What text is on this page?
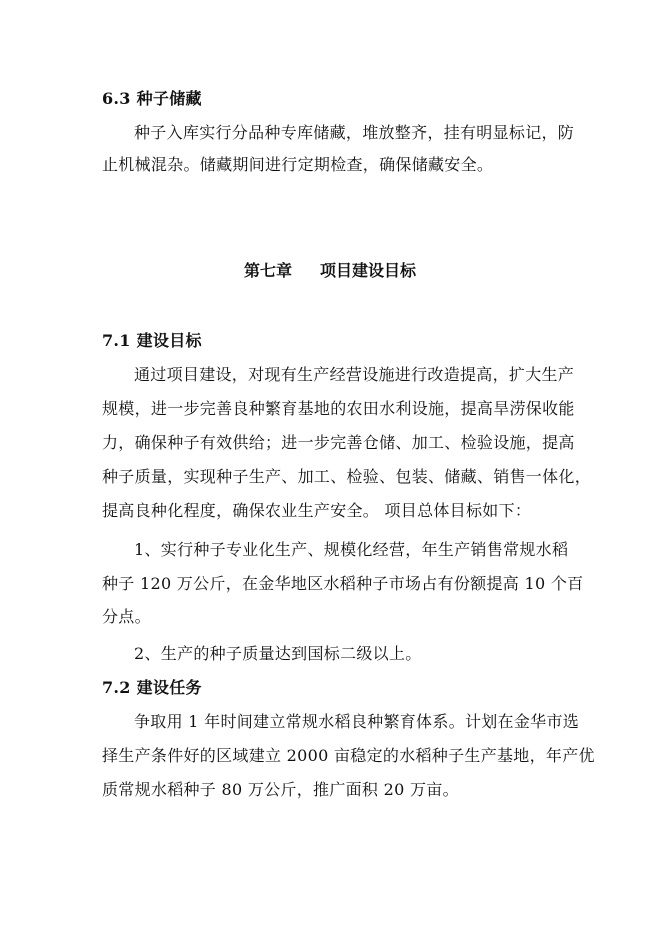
6.3 种子储藏
种子入库实行分品种专库储藏，堆放整齐，挂有明显标记，防
止机械混杂。储藏期间进行定期检查，确保储藏安全。
第七章 项目建设目标
7.1 建设目标
通过项目建设，对现有生产经营设施进行改造提高，扩大生产
规模，进一步完善良种繁育基地的农田水利设施，提高旱涝保收能
力，确保种子有效供给；进一步完善仓储、加工、检验设施，提高
种子质量，实现种子生产、加工、检验、包装、储藏、销售一体化，
提高良种化程度，确保农业生产安全。 项目总体目标如下：
1、实行种子专业化生产、规模化经营，年生产销售常规水稻
种子 120 万公斤，在金华地区水稻种子市场占有份额提高 10 个百
分点。
2、生产的种子质量达到国标二级以上。
7.2 建设任务
争取用 1 年时间建立常规水稻良种繁育体系。计划在金华市选
择生产条件好的区域建立 2000 亩稳定的水稻种子生产基地，年产优
质常规水稻种子 80 万公斤，推广面积 20 万亩。
